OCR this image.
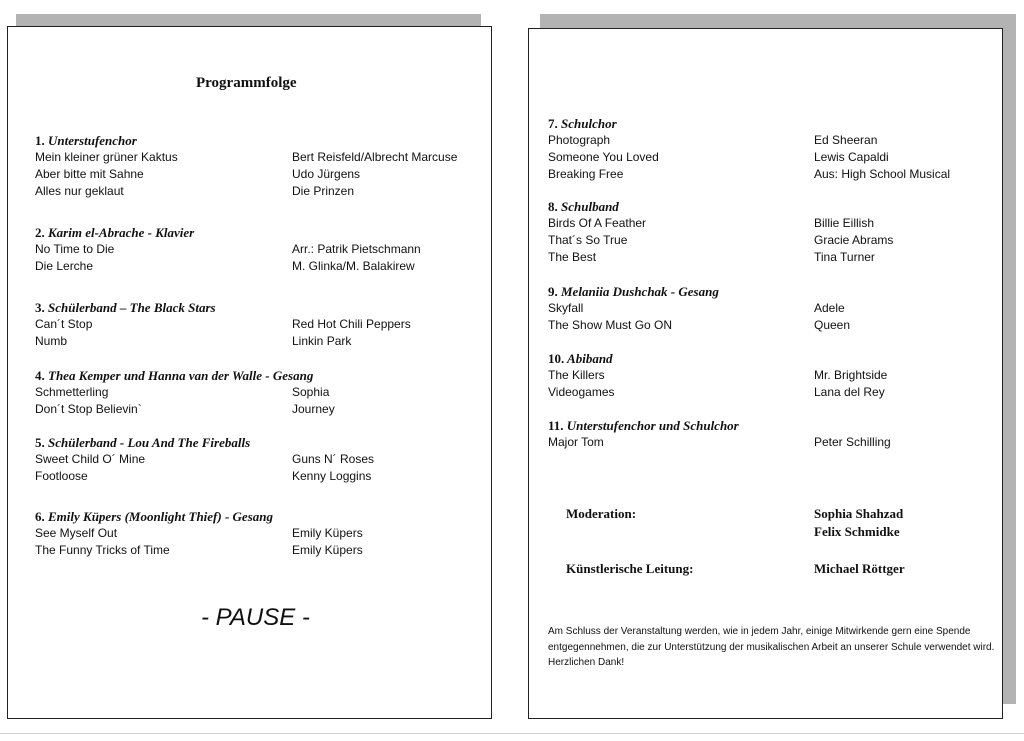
Programmfolge
1. Unterstufenchor
Mein kleiner grüner Kaktus	Bert Reisfeld/Albrecht Marcuse
Aber bitte mit Sahne	Udo Jürgens
Alles nur geklaut	Die Prinzen
2. Karim el-Abrache - Klavier
No Time to Die	Arr.: Patrik Pietschmann
Die Lerche	M. Glinka/M. Balakirew
3. Schülerband – The Black Stars
Can´t Stop	Red Hot Chili Peppers
Numb	Linkin Park
4. Thea Kemper und Hanna van der Walle - Gesang
Schmetterling	Sophia
Don´t Stop Believin`	Journey
5. Schülerband - Lou And The Fireballs
Sweet Child O´ Mine	Guns N´ Roses
Footloose	Kenny Loggins
6. Emily Küpers (Moonlight Thief) - Gesang
See Myself Out	Emily Küpers
The Funny Tricks of Time	Emily Küpers
- PAUSE -
7. Schulchor
Photograph	Ed Sheeran
Someone You Loved	Lewis Capaldi
Breaking Free	Aus: High School Musical
8. Schulband
Birds Of A Feather	Billie Eillish
That´s So True	Gracie Abrams
The Best	Tina Turner
9. Melaniia Dushchak - Gesang
Skyfall	Adele
The Show Must Go ON	Queen
10. Abiband
The Killers	Mr. Brightside
Videogames	Lana del Rey
11. Unterstufenchor und Schulchor
Major Tom	Peter Schilling
Moderation:	Sophia Shahzad
Felix Schmidke
Künstlerische Leitung:	Michael Röttger
Am Schluss der Veranstaltung werden, wie in jedem Jahr, einige Mitwirkende gern eine Spende entgegennehmen, die zur Unterstützung der musikalischen Arbeit an unserer Schule verwendet wird.
Herzlichen Dank!
